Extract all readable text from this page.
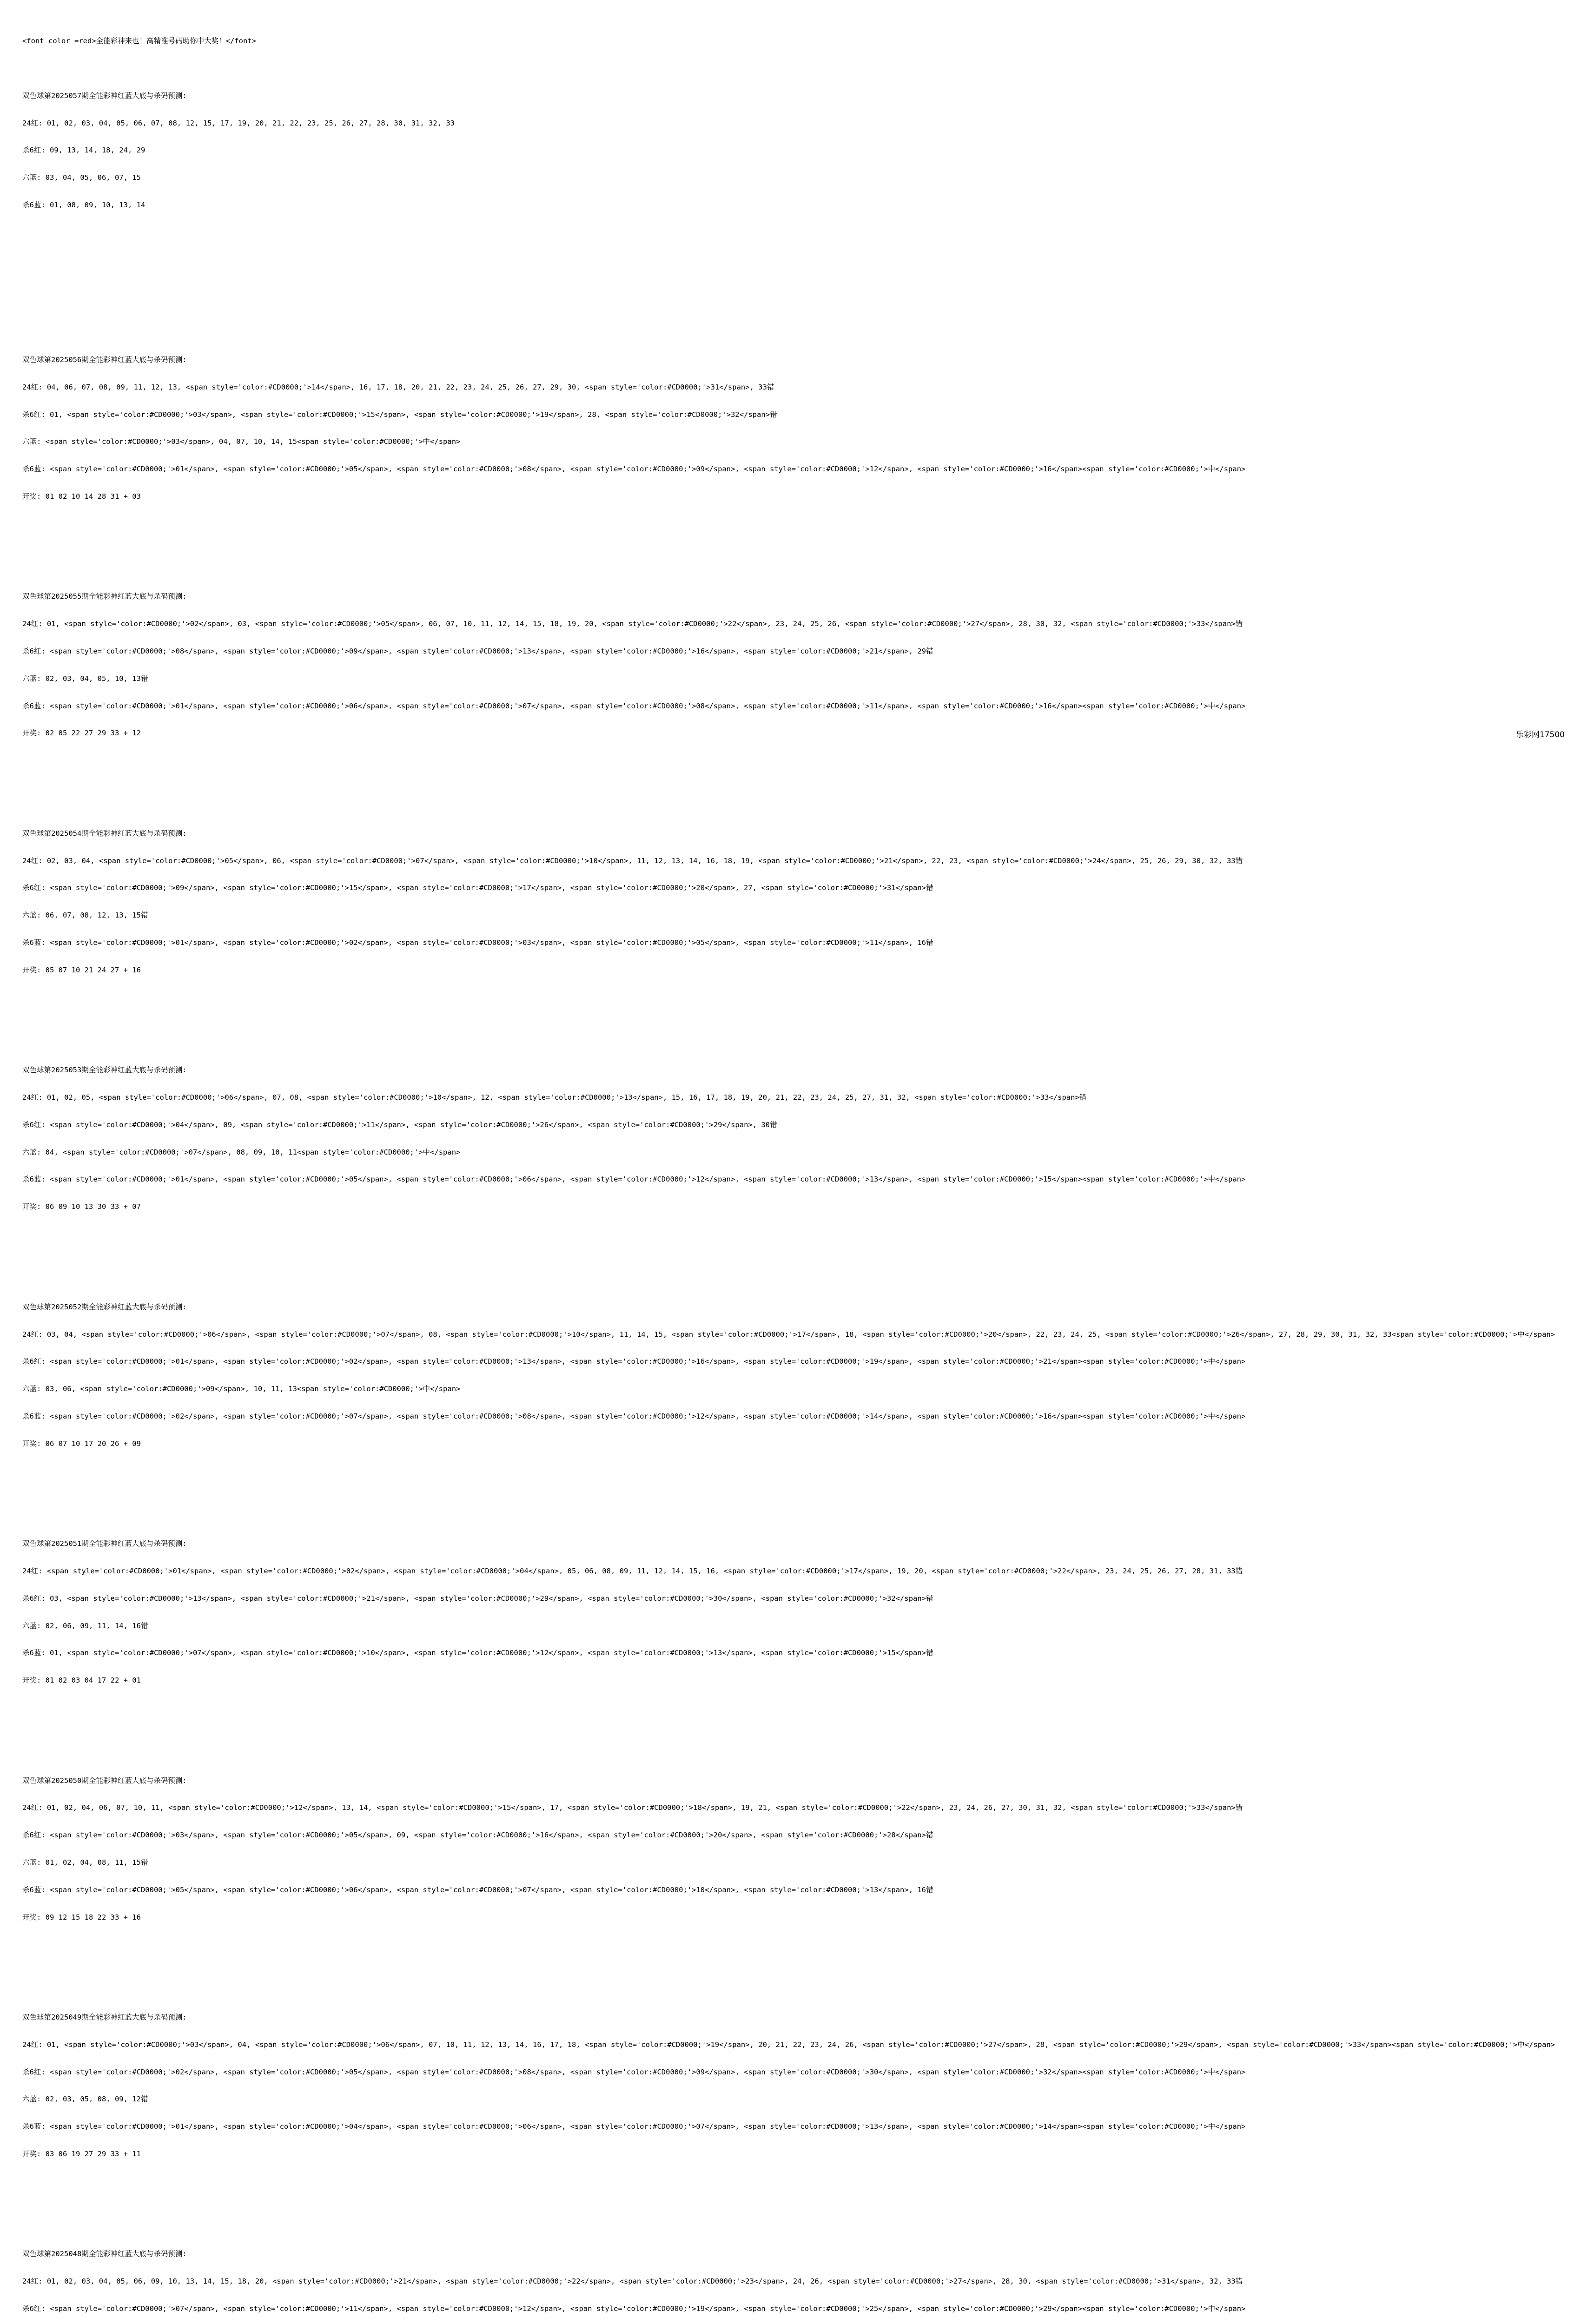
<font color =red>全能彩神来也！高精准号码助你中大奖！</font>

双色球第2025057期全能彩神红蓝大底与杀码预测:

24红: 01, 02, 03, 04, 05, 06, 07, 08, 12, 15, 17, 19, 20, 21, 22, 23, 25, 26, 27, 28, 30, 31, 32, 33

杀6红: 09, 13, 14, 18, 24, 29

六蓝: 03, 04, 05, 06, 07, 15

杀6蓝: 01, 08, 09, 10, 13, 14

双色球第2025056期全能彩神红蓝大底与杀码预测:

24红: 04, 06, 07, 08, 09, 11, 12, 13, <span style='color:#CD0000;'>14</span>, 16, 17, 18, 20, 21, 22, 23, 24, 25, 26, 27, 29, 30, <span style='color:#CD0000;'>31</span>, 33错

杀6红: 01, <span style='color:#CD0000;'>03</span>, <span style='color:#CD0000;'>15</span>, <span style='color:#CD0000;'>19</span>, 28, <span style='color:#CD0000;'>32</span>错

六蓝: <span style='color:#CD0000;'>03</span>, 04, 07, 10, 14, 15<span style='color:#CD0000;'>中</span>

杀6蓝: <span style='color:#CD0000;'>01</span>, <span style='color:#CD0000;'>05</span>, <span style='color:#CD0000;'>08</span>, <span style='color:#CD0000;'>09</span>, <span style='color:#CD0000;'>12</span>, <span style='color:#CD0000;'>16</span><span style='color:#CD0000;'>中</span>

开奖: 01 02 10 14 28 31 + 03

双色球第2025055期全能彩神红蓝大底与杀码预测:

24红: 01, <span style='color:#CD0000;'>02</span>, 03, <span style='color:#CD0000;'>05</span>, 06, 07, 10, 11, 12, 14, 15, 18, 19, 20, <span style='color:#CD0000;'>22</span>, 23, 24, 25, 26, <span style='color:#CD0000;'>27</span>, 28, 30, 32, <span style='color:#CD0000;'>33</span>错

杀6红: <span style='color:#CD0000;'>08</span>, <span style='color:#CD0000;'>09</span>, <span style='color:#CD0000;'>13</span>, <span style='color:#CD0000;'>16</span>, <span style='color:#CD0000;'>21</span>, 29错

六蓝: 02, 03, 04, 05, 10, 13错

杀6蓝: <span style='color:#CD0000;'>01</span>, <span style='color:#CD0000;'>06</span>, <span style='color:#CD0000;'>07</span>, <span style='color:#CD0000;'>08</span>, <span style='color:#CD0000;'>11</span>, <span style='color:#CD0000;'>16</span><span style='color:#CD0000;'>中</span>

开奖: 02 05 22 27 29 33 + 12

双色球第2025054期全能彩神红蓝大底与杀码预测:

24红: 02, 03, 04, <span style='color:#CD0000;'>05</span>, 06, <span style='color:#CD0000;'>07</span>, <span style='color:#CD0000;'>10</span>, 11, 12, 13, 14, 16, 18, 19, <span style='color:#CD0000;'>21</span>, 22, 23, <span style='color:#CD0000;'>24</span>, 25, 26, 29, 30, 32, 33错

杀6红: <span style='color:#CD0000;'>09</span>, <span style='color:#CD0000;'>15</span>, <span style='color:#CD0000;'>17</span>, <span style='color:#CD0000;'>20</span>, 27, <span style='color:#CD0000;'>31</span>错

六蓝: 06, 07, 08, 12, 13, 15错

杀6蓝: <span style='color:#CD0000;'>01</span>, <span style='color:#CD0000;'>02</span>, <span style='color:#CD0000;'>03</span>, <span style='color:#CD0000;'>05</span>, <span style='color:#CD0000;'>11</span>, 16错

开奖: 05 07 10 21 24 27 + 16

双色球第2025053期全能彩神红蓝大底与杀码预测:

24红: 01, 02, 05, <span style='color:#CD0000;'>06</span>, 07, 08, <span style='color:#CD0000;'>10</span>, 12, <span style='color:#CD0000;'>13</span>, 15, 16, 17, 18, 19, 20, 21, 22, 23, 24, 25, 27, 31, 32, <span style='color:#CD0000;'>33</span>错

杀6红: <span style='color:#CD0000;'>04</span>, 09, <span style='color:#CD0000;'>11</span>, <span style='color:#CD0000;'>26</span>, <span style='color:#CD0000;'>29</span>, 30错

六蓝: 04, <span style='color:#CD0000;'>07</span>, 08, 09, 10, 11<span style='color:#CD0000;'>中</span>

杀6蓝: <span style='color:#CD0000;'>01</span>, <span style='color:#CD0000;'>05</span>, <span style='color:#CD0000;'>06</span>, <span style='color:#CD0000;'>12</span>, <span style='color:#CD0000;'>13</span>, <span style='color:#CD0000;'>15</span><span style='color:#CD0000;'>中</span>

开奖: 06 09 10 13 30 33 + 07

双色球第2025052期全能彩神红蓝大底与杀码预测:

24红: 03, 04, <span style='color:#CD0000;'>06</span>, <span style='color:#CD0000;'>07</span>, 08, <span style='color:#CD0000;'>10</span>, 11, 14, 15, <span style='color:#CD0000;'>17</span>, 18, <span style='color:#CD0000;'>20</span>, 22, 23, 24, 25, <span style='color:#CD0000;'>26</span>, 27, 28, 29, 30, 31, 32, 33<span style='color:#CD0000;'>中</span>

杀6红: <span style='color:#CD0000;'>01</span>, <span style='color:#CD0000;'>02</span>, <span style='color:#CD0000;'>13</span>, <span style='color:#CD0000;'>16</span>, <span style='color:#CD0000;'>19</span>, <span style='color:#CD0000;'>21</span><span style='color:#CD0000;'>中</span>

六蓝: 03, 06, <span style='color:#CD0000;'>09</span>, 10, 11, 13<span style='color:#CD0000;'>中</span>

杀6蓝: <span style='color:#CD0000;'>02</span>, <span style='color:#CD0000;'>07</span>, <span style='color:#CD0000;'>08</span>, <span style='color:#CD0000;'>12</span>, <span style='color:#CD0000;'>14</span>, <span style='color:#CD0000;'>16</span><span style='color:#CD0000;'>中</span>

开奖: 06 07 10 17 20 26 + 09

双色球第2025051期全能彩神红蓝大底与杀码预测:

24红: <span style='color:#CD0000;'>01</span>, <span style='color:#CD0000;'>02</span>, <span style='color:#CD0000;'>04</span>, 05, 06, 08, 09, 11, 12, 14, 15, 16, <span style='color:#CD0000;'>17</span>, 19, 20, <span style='color:#CD0000;'>22</span>, 23, 24, 25, 26, 27, 28, 31, 33错

杀6红: 03, <span style='color:#CD0000;'>13</span>, <span style='color:#CD0000;'>21</span>, <span style='color:#CD0000;'>29</span>, <span style='color:#CD0000;'>30</span>, <span style='color:#CD0000;'>32</span>错

六蓝: 02, 06, 09, 11, 14, 16错

杀6蓝: 01, <span style='color:#CD0000;'>07</span>, <span style='color:#CD0000;'>10</span>, <span style='color:#CD0000;'>12</span>, <span style='color:#CD0000;'>13</span>, <span style='color:#CD0000;'>15</span>错

开奖: 01 02 03 04 17 22 + 01

双色球第2025050期全能彩神红蓝大底与杀码预测:

24红: 01, 02, 04, 06, 07, 10, 11, <span style='color:#CD0000;'>12</span>, 13, 14, <span style='color:#CD0000;'>15</span>, 17, <span style='color:#CD0000;'>18</span>, 19, 21, <span style='color:#CD0000;'>22</span>, 23, 24, 26, 27, 30, 31, 32, <span style='color:#CD0000;'>33</span>错

杀6红: <span style='color:#CD0000;'>03</span>, <span style='color:#CD0000;'>05</span>, 09, <span style='color:#CD0000;'>16</span>, <span style='color:#CD0000;'>20</span>, <span style='color:#CD0000;'>28</span>错

六蓝: 01, 02, 04, 08, 11, 15错

杀6蓝: <span style='color:#CD0000;'>05</span>, <span style='color:#CD0000;'>06</span>, <span style='color:#CD0000;'>07</span>, <span style='color:#CD0000;'>10</span>, <span style='color:#CD0000;'>13</span>, 16错

开奖: 09 12 15 18 22 33 + 16

双色球第2025049期全能彩神红蓝大底与杀码预测:

24红: 01, <span style='color:#CD0000;'>03</span>, 04, <span style='color:#CD0000;'>06</span>, 07, 10, 11, 12, 13, 14, 16, 17, 18, <span style='color:#CD0000;'>19</span>, 20, 21, 22, 23, 24, 26, <span style='color:#CD0000;'>27</span>, 28, <span style='color:#CD0000;'>29</span>, <span style='color:#CD0000;'>33</span><span style='color:#CD0000;'>中</span>

杀6红: <span style='color:#CD0000;'>02</span>, <span style='color:#CD0000;'>05</span>, <span style='color:#CD0000;'>08</span>, <span style='color:#CD0000;'>09</span>, <span style='color:#CD0000;'>30</span>, <span style='color:#CD0000;'>32</span><span style='color:#CD0000;'>中</span>

六蓝: 02, 03, 05, 08, 09, 12错

杀6蓝: <span style='color:#CD0000;'>01</span>, <span style='color:#CD0000;'>04</span>, <span style='color:#CD0000;'>06</span>, <span style='color:#CD0000;'>07</span>, <span style='color:#CD0000;'>13</span>, <span style='color:#CD0000;'>14</span><span style='color:#CD0000;'>中</span>

开奖: 03 06 19 27 29 33 + 11

双色球第2025048期全能彩神红蓝大底与杀码预测:

24红: 01, 02, 03, 04, 05, 06, 09, 10, 13, 14, 15, 18, 20, <span style='color:#CD0000;'>21</span>, <span style='color:#CD0000;'>22</span>, <span style='color:#CD0000;'>23</span>, 24, 26, <span style='color:#CD0000;'>27</span>, 28, 30, <span style='color:#CD0000;'>31</span>, 32, 33错

杀6红: <span style='color:#CD0000;'>07</span>, <span style='color:#CD0000;'>11</span>, <span style='color:#CD0000;'>12</span>, <span style='color:#CD0000;'>19</span>, <span style='color:#CD0000;'>25</span>, <span style='color:#CD0000;'>29</span><span style='color:#CD0000;'>中</span>

乐彩网17500
